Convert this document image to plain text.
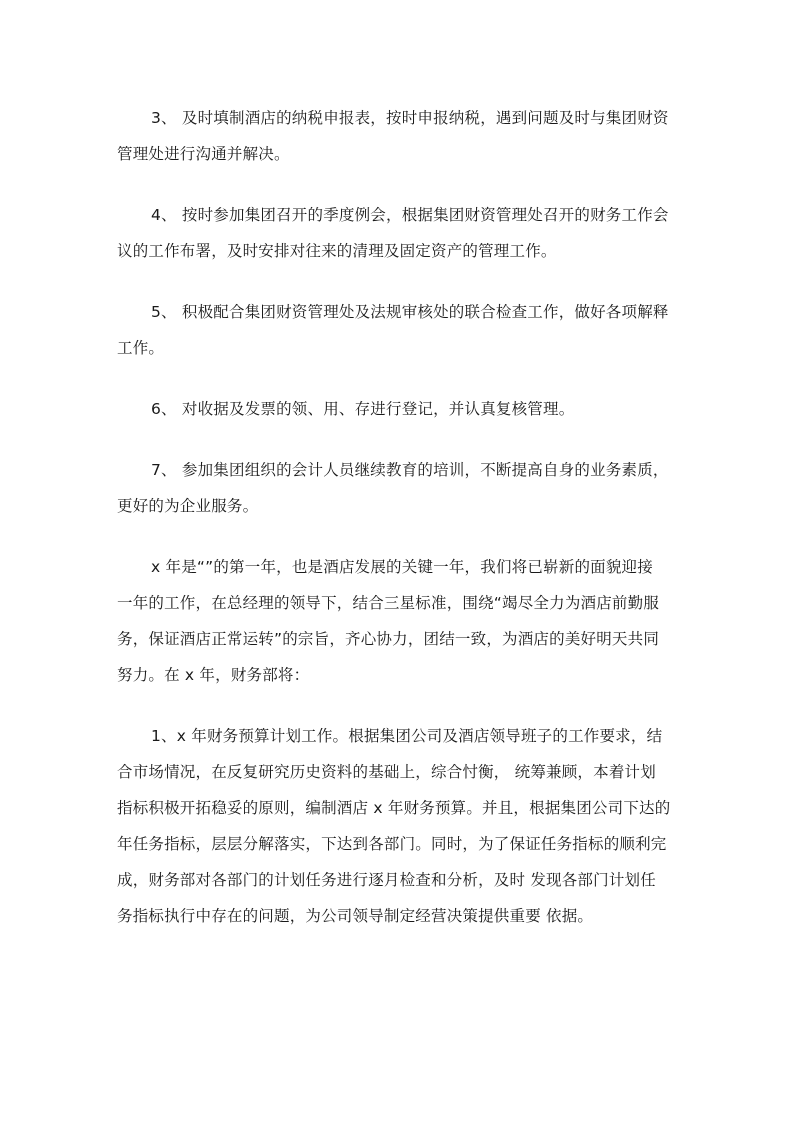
3、 及时填制酒店的纳税申报表，按时申报纳税，遇到问题及时与集团财资
管理处进行沟通并解决。

4、 按时参加集团召开的季度例会，根据集团财资管理处召开的财务工作会
议的工作布署，及时安排对往来的清理及固定资产的管理工作。

5、 积极配合集团财资管理处及法规审核处的联合检查工作，做好各项解释
工作。

6、 对收据及发票的领、用、存进行登记，并认真复核管理。

7、 参加集团组织的会计人员继续教育的培训，不断提高自身的业务素质，
更好的为企业服务。

x 年是“”的第一年，也是酒店发展的关键一年，我们将已崭新的面貌迎接
一年的工作，在总经理的领导下，结合三星标准，围绕“竭尽全力为酒店前勤服
务，保证酒店正常运转”的宗旨，齐心协力，团结一致，为酒店的美好明天共同
努力。在 x 年，财务部将：

1、x 年财务预算计划工作。根据集团公司及酒店领导班子的工作要求，结
合市场情况，在反复研究历史资料的基础上，综合忖衡， 统筹兼顾，本着计划
指标积极开拓稳妥的原则，编制酒店 x 年财务预算。并且，根据集团公司下达的
年任务指标，层层分解落实，下达到各部门。同时，为了保证任务指标的顺利完
成，财务部对各部门的计划任务进行逐月检查和分析，及时 发现各部门计划任
务指标执行中存在的问题，为公司领导制定经营决策提供重要 依据。
